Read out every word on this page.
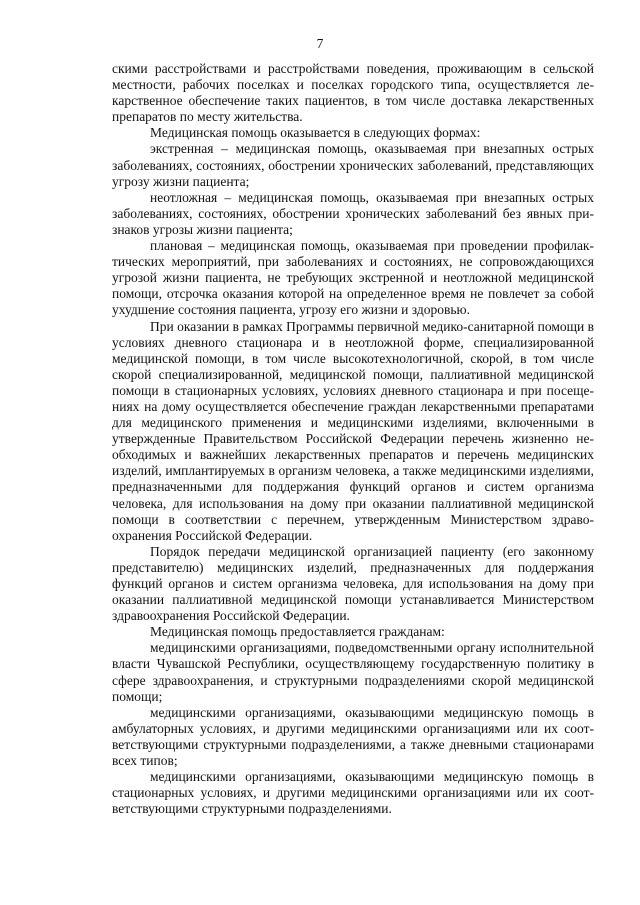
7

скими расстройствами и расстройствами поведения, проживающим в сельской местности, рабочих поселках и поселках городского типа, осуществляется лекарственное обеспечение таких пациентов, в том числе доставка лекарственных препаратов по месту жительства.

Медицинская помощь оказывается в следующих формах:

экстренная – медицинская помощь, оказываемая при внезапных острых заболеваниях, состояниях, обострении хронических заболеваний, представляющих угрозу жизни пациента;

неотложная – медицинская помощь, оказываемая при внезапных острых заболеваниях, состояниях, обострении хронических заболеваний без явных признаков угрозы жизни пациента;

плановая – медицинская помощь, оказываемая при проведении профилактических мероприятий, при заболеваниях и состояниях, не сопровождающихся угрозой жизни пациента, не требующих экстренной и неотложной медицинской помощи, отсрочка оказания которой на определенное время не повлечет за собой ухудшение состояния пациента, угрозу его жизни и здоровью.

При оказании в рамках Программы первичной медико-санитарной помощи в условиях дневного стационара и в неотложной форме, специализированной медицинской помощи, в том числе высокотехнологичной, скорой, в том числе скорой специализированной, медицинской помощи, паллиативной медицинской помощи в стационарных условиях, условиях дневного стационара и при посещениях на дому осуществляется обеспечение граждан лекарственными препаратами для медицинского применения и медицинскими изделиями, включенными в утвержденные Правительством Российской Федерации перечень жизненно необходимых и важнейших лекарственных препаратов и перечень медицинских изделий, имплантируемых в организм человека, а также медицинскими изделиями, предназначенными для поддержания функций органов и систем организма человека, для использования на дому при оказании паллиативной медицинской помощи в соответствии с перечнем, утвержденным Министерством здравоохранения Российской Федерации.

Порядок передачи медицинской организацией пациенту (его законному представителю) медицинских изделий, предназначенных для поддержания функций органов и систем организма человека, для использования на дому при оказании паллиативной медицинской помощи устанавливается Министерством здравоохранения Российской Федерации.

Медицинская помощь предоставляется гражданам:

медицинскими организациями, подведомственными органу исполнительной власти Чувашской Республики, осуществляющему государственную политику в сфере здравоохранения, и структурными подразделениями скорой медицинской помощи;

медицинскими организациями, оказывающими медицинскую помощь в амбулаторных условиях, и другими медицинскими организациями или их соответствующими структурными подразделениями, а также дневными стационарами всех типов;

медицинскими организациями, оказывающими медицинскую помощь в стационарных условиях, и другими медицинскими организациями или их соответствующими структурными подразделениями.
